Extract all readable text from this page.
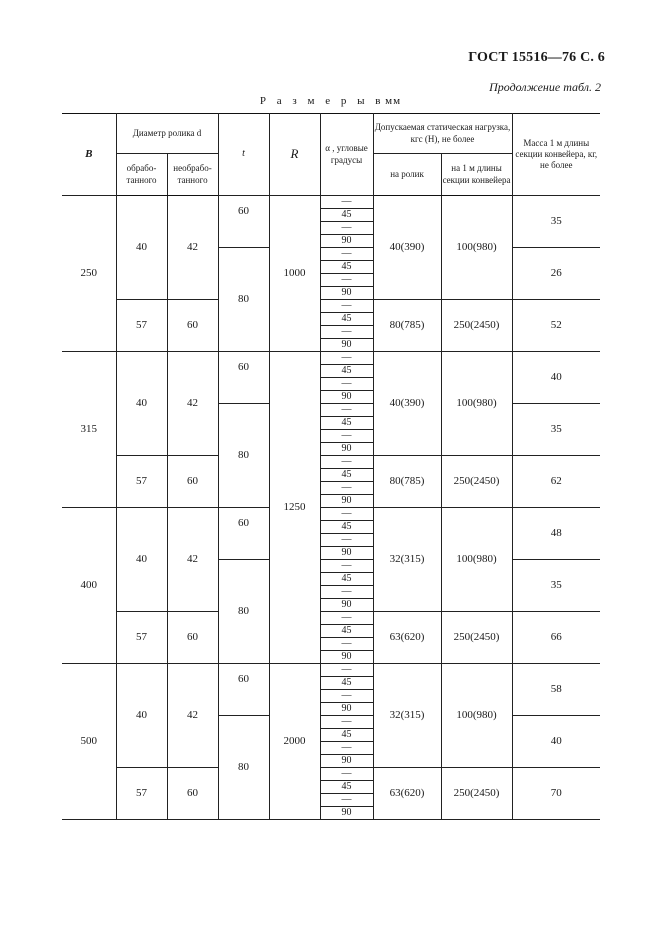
ГОСТ 15516—76 С. 6
Продолжение табл. 2
Р а з м е р ы в мм
B	Диаметр ролика d		t	R	α , угловые градусы	Допускаемая статическая нагрузка, кгс (Н), не более		Масса 1 м длины секции конвейера, кг, не более
	обрабо-танного	необрабо-танного				на ролик	на 1 м длины секции конвейера	
250	40	42	60	1000	—	40(390)	100(980)	35
					45			
					—			
					90			
			80		—			26
					45			
					—			
					90			
	57	60			—	80(785)	250(2450)	52
					45			
					—			
					90			
315	40	42	60	1250	—	40(390)	100(980)	40
					45			
					—			
					90			
			80		—			35
					45			
					—			
					90			
	57	60			—	80(785)	250(2450)	62
					45			
					—			
					90			
400	40	42	60		—	32(315)	100(980)	48
					45			
					—			
					90			
			80		—			35
					45			
					—			
					90			
	57	60			—	63(620)	250(2450)	66
					45			
					—			
					90			
500	40	42	60	2000	—	32(315)	100(980)	58
					45			
					—			
					90			
			80		—			40
					45			
					—			
					90			
	57	60			—	63(620)	250(2450)	70
					45			
					—			
					90			
